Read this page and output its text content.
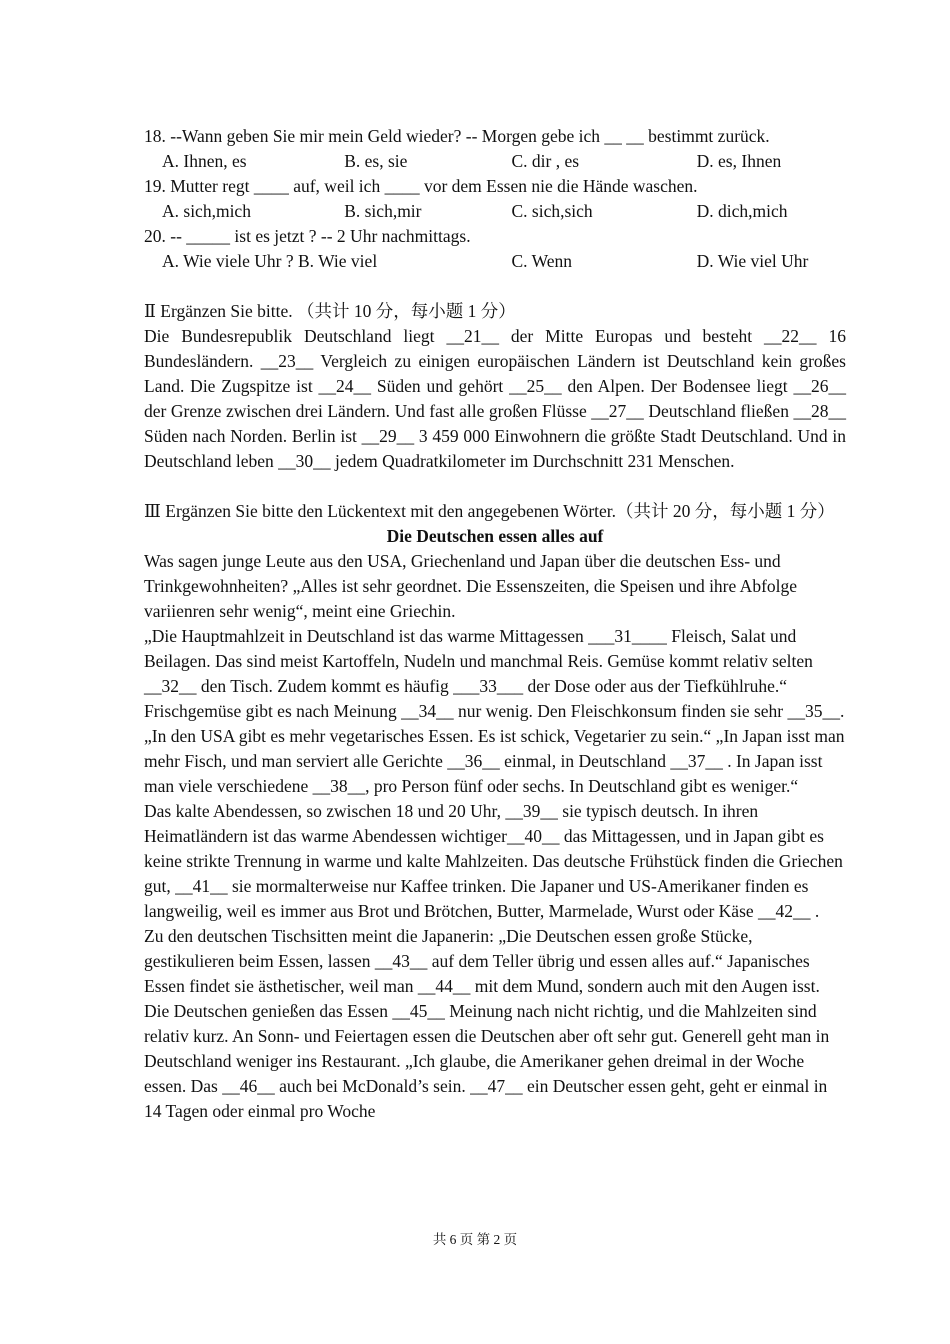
18. --Wann geben Sie mir mein Geld wieder? -- Morgen gebe ich __ __ bestimmt zurück.
A. Ihnen, es	B. es, sie	C. dir , es	D. es, Ihnen
19. Mutter regt ____ auf, weil ich ____ vor dem Essen nie die Hände waschen.
A. sich,mich	B. sich,mir	C. sich,sich	D. dich,mich
20. -- _____ ist es jetzt ? -- 2 Uhr nachmittags.
A. Wie viele Uhr ? B. Wie viel	C. Wenn	D. Wie viel Uhr
Ⅱ Ergänzen Sie bitte. （共计 10 分，每小题 1 分）
Die Bundesrepublik Deutschland liegt __21__ der Mitte Europas und besteht __22__ 16 Bundesländern. __23__ Vergleich zu einigen europäischen Ländern ist Deutschland kein großes Land. Die Zugspitze ist __24__ Süden und gehört __25__ den Alpen. Der Bodensee liegt __26__ der Grenze zwischen drei Ländern. Und fast alle großen Flüsse __27__ Deutschland fließen __28__ Süden nach Norden. Berlin ist __29__ 3 459 000 Einwohnern die größte Stadt Deutschland. Und in Deutschland leben __30__ jedem Quadratkilometer im Durchschnitt 231 Menschen.
Ⅲ Ergänzen Sie bitte den Lückentext mit den angegebenen Wörter.（共计 20 分，每小题 1 分）
Die Deutschen essen alles auf
Was sagen junge Leute aus den USA, Griechenland und Japan über die deutschen Ess- und Trinkgewohnheiten? „Alles ist sehr geordnet. Die Essenszeiten, die Speisen und ihre Abfolge variienren sehr wenig“, meint eine Griechin.
„Die Hauptmahlzeit in Deutschland ist das warme Mittagessen ___31____ Fleisch, Salat und Beilagen. Das sind meist Kartoffeln, Nudeln und manchmal Reis. Gemüse kommt relativ selten __32__ den Tisch. Zudem kommt es häufig ___33___ der Dose oder aus der Tiefkühlruhe.“ Frischgemüse gibt es nach Meinung __34__ nur wenig. Den Fleischkonsum finden sie sehr __35__. „In den USA gibt es mehr vegetarisches Essen. Es ist schick, Vegetarier zu sein.“ „In Japan isst man mehr Fisch, und man serviert alle Gerichte __36__ einmal, in Deutschland __37__ . In Japan isst man viele verschiedene __38__, pro Person fünf oder sechs. In Deutschland gibt es weniger.“
Das kalte Abendessen, so zwischen 18 und 20 Uhr, __39__ sie typisch deutsch. In ihren Heimatländern ist das warme Abendessen wichtiger__40__ das Mittagessen, und in Japan gibt es keine strikte Trennung in warme und kalte Mahlzeiten. Das deutsche Frühstück finden die Griechen gut, __41__ sie mormalterweise nur Kaffee trinken. Die Japaner und US-Amerikaner finden es langweilig, weil es immer aus Brot und Brötchen, Butter, Marmelade, Wurst oder Käse __42__ .
Zu den deutschen Tischsitten meint die Japanerin: „Die Deutschen essen große Stücke, gestikulieren beim Essen, lassen __43__ auf dem Teller übrig und essen alles auf.“ Japanisches Essen findet sie ästhetischer, weil man __44__ mit dem Mund, sondern auch mit den Augen isst. Die Deutschen genießen das Essen __45__ Meinung nach nicht richtig, und die Mahlzeiten sind relativ kurz. An Sonn- und Feiertagen essen die Deutschen aber oft sehr gut. Generell geht man in Deutschland weniger ins Restaurant. „Ich glaube, die Amerikaner gehen dreimal in der Woche essen. Das __46__ auch bei McDonald’s sein. __47__ ein Deutscher essen geht, geht er einmal in 14 Tagen oder einmal pro Woche
共 6 页 第 2 页
